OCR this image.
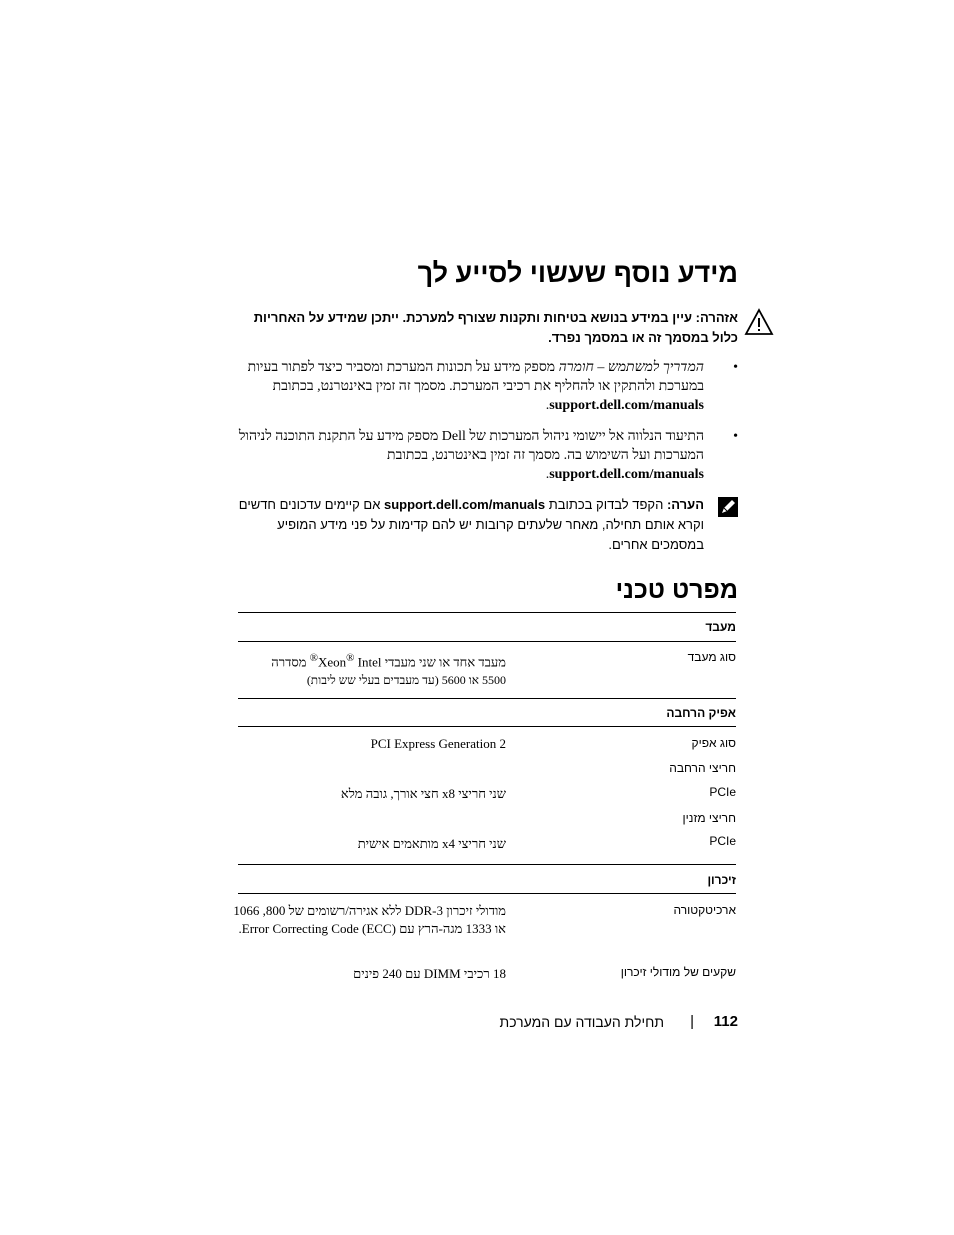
מידע נוסף שעשוי לסייע לך
אזהרה: עיין במידע בנושא בטיחות ותקנות שצורף למערכת. ייתכן שמידע על האחריות כלול במסמך זה או במסמך נפרד.
•
המדריך למשתמש – חומרה מספק מידע על תכונות המערכת ומסביר כיצד לפתור בעיות במערכת ולהתקין או להחליף את רכיבי המערכת. מסמך זה זמין באינטרנט, בכתובת support.dell.com/manuals.
•
התיעוד הנלווה אל יישומי ניהול המערכות של Dell מספק מידע על התקנת התוכנה לניהול המערכות ועל השימוש בה. מסמך זה זמין באינטרנט, בכתובת support.dell.com/manuals.
הערה: הקפד לבדוק בכתובת support.dell.com/manuals אם קיימים עדכונים חדשים וקרא אותם תחילה, מאחר שלעתים קרובות יש להם קדימות על פני מידע המופיע במסמכים אחרים.
מפרט טכני
מעבד
סוג מעבד
מעבד אחד או שני מעבדי Xeon® Intel® מסדרה
5500 או 5600 (עד מעבדים בעלי שש ליבות)
אפיק הרחבה
סוג אפיק
PCI Express Generation 2
חריצי הרחבה
PCIe
שני חריצי x8 חצי אורך, גובה מלא
חריצי מזנין
PCIe
שני חריצי x4 מותאמים אישית
זיכרון
ארכיטקטורה
מודולי זיכרון DDR-3 ללא אגירה/רשומים של 800, 1066 או 1333 מגה-הרץ עם Error Correcting Code (ECC).
שקעים של מודולי זיכרון
18 רכיבי DIMM עם 240 פינים
112
|
תחילת העבודה עם המערכת
